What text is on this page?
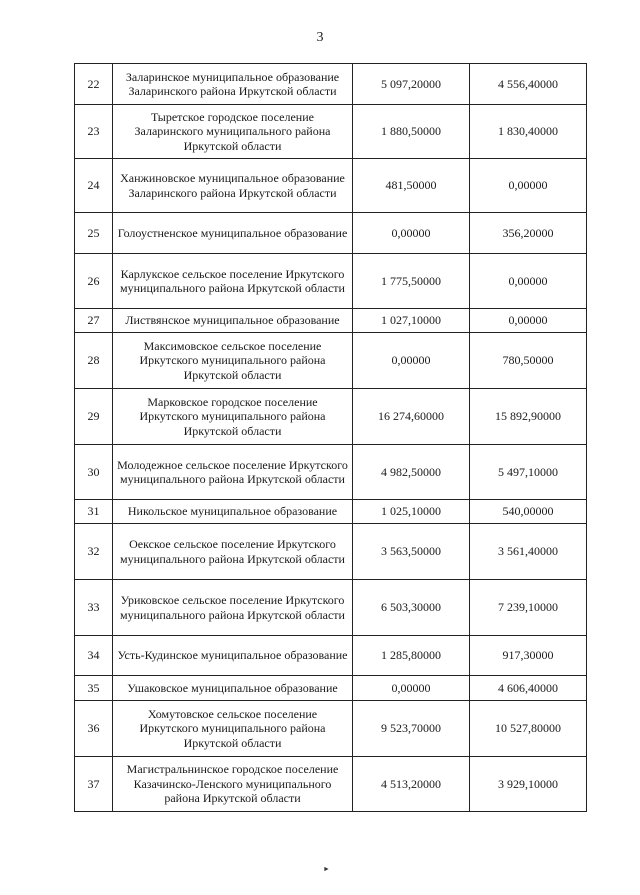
3
22	Заларинское муниципальное образование Заларинского района Иркутской области	5 097,20000	4 556,40000
23	Тыретское городское поселение Заларинского муниципального района Иркутской области	1 880,50000	1 830,40000
24	Ханжиновское муниципальное образование Заларинского района Иркутской области	481,50000	0,00000
25	Голоустненское муниципальное образование	0,00000	356,20000
26	Карлукское сельское поселение Иркутского муниципального района Иркутской области	1 775,50000	0,00000
27	Листвянское муниципальное образование	1 027,10000	0,00000
28	Максимовское сельское поселение Иркутского муниципального района Иркутской области	0,00000	780,50000
29	Марковское городское поселение Иркутского муниципального района Иркутской области	16 274,60000	15 892,90000
30	Молодежное сельское поселение Иркутского муниципального района Иркутской области	4 982,50000	5 497,10000
31	Никольское муниципальное образование	1 025,10000	540,00000
32	Оекское сельское поселение Иркутского муниципального района Иркутской области	3 563,50000	3 561,40000
33	Уриковское сельское поселение Иркутского муниципального района Иркутской области	6 503,30000	7 239,10000
34	Усть-Кудинское муниципальное образование	1 285,80000	917,30000
35	Ушаковское муниципальное образование	0,00000	4 606,40000
36	Хомутовское сельское поселение Иркутского муниципального района Иркутской области	9 523,70000	10 527,80000
37	Магистральнинское городское поселение Казачинско-Ленского муниципального района Иркутской области	4 513,20000	3 929,10000
►
